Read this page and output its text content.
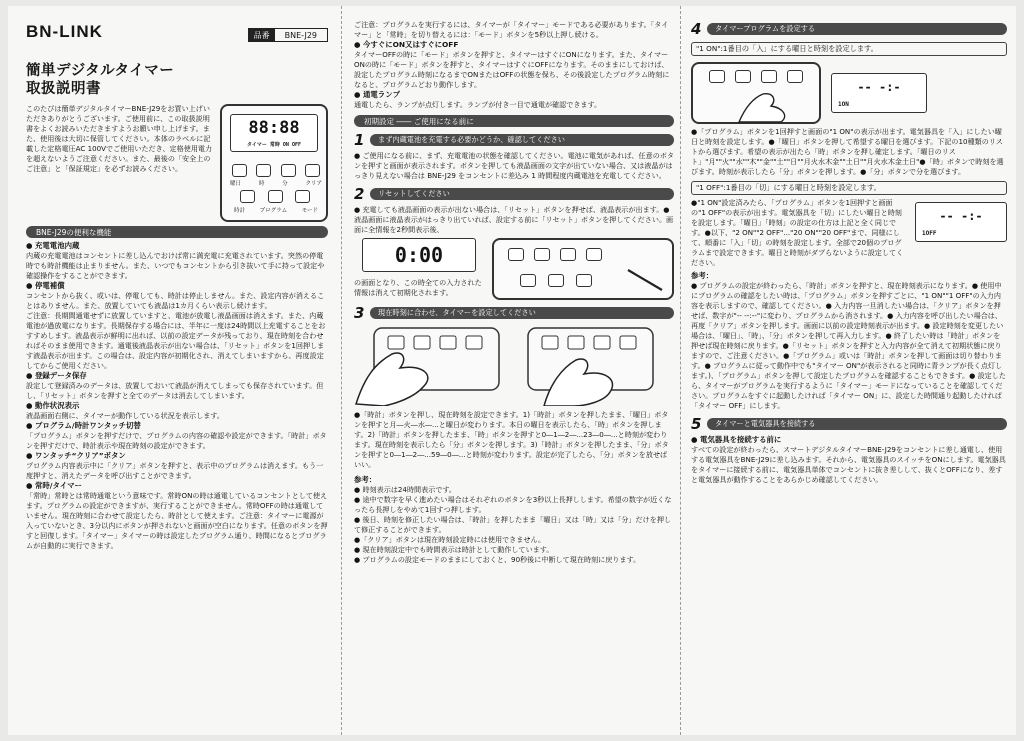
BN-LINK	品番	BNE-J29
簡単デジタルタイマー
取扱説明書

このたびは簡単デジタルタイマーBNE-J29をお買い上げいただきありがとうございます。ご使用前に、この取扱説明書をよくお読みいただきますようお願い申し上げます。また、使用後は大切に保管してください。本体のラベルに記載した定格電圧AC 100Vでご使用いただき、定格使用電力を超えないようご注意ください。また、最後の「安全上のご注意」と「保証規定」を必ずお読みください。

88:88
タイマー 常時 ON OFF
曜日	時	分	クリア
時計	プログラム	モード
BNE-J29の便利な機能
● 充電電池内蔵

内蔵の充電電池はコンセントに差し込んでおけば常に満充電に充電されています。突然の停電時でも時計機能は止まりません。また、いつでもコンセントから引き抜いて手に持って設定や確認操作をすることができます。

● 停電補償

コンセントから抜く、或いは、停電しても、時計は停止しません。また、設定内容が消えることはありません。また、放置していても液晶は1カ月くらい表示し続けます。

ご注意：長期間通電せずに放置していますと、電池が放電し液晶画面は消えます。また、内蔵電池が過放電になります。長期保存する場合には、半年に一度は24時間以上充電することをおすすめします。液晶表示が鮮明に出れば、以前の設定データが残っており、現在時刻を合わせればそのまま使用できます。通電後液晶表示が出ない場合は、「リセット」ボタンを1回押します液晶表示が出ます。この場合は、設定内容が初期化され、消えてしまいますから、再度設定してからご使用ください。

● 登録データ保存

設定して登録済みのデータは、放置しておいて液晶が消えてしまっても保存されています。但し、「リセット」ボタンを押すと全てのデータは消去してしまいます。

● 動作状況表示

液晶画面右側に、タイマーが動作している状況を表示します。

● プログラム/時計ワンタッチ切替

「プログラム」ボタンを押すだけで、プログラムの内容の確認や設定ができます。「時計」ボタンを押すだけで、時計表示や現在時刻の設定ができます。

● ワンタッチ“クリア”ボタン

プログラム内容表示中に「クリア」ボタンを押すと、表示中のプログラムは消えます。もう一度押すと、消えたデータを呼び出すことができます。

● 常時/タイマー

「常時」常時とは常時通電という意味です。常時ONの時は通電しているコンセントとして使えます。プログラムの設定ができますが、実行することができません。常時OFFの時は通電していません。現在時刻に合わせて設定したら、時計として使えます。ご注意：タイマーに電源が入っていないとき、3分以内にボタンが押されないと画面が空白になります。任意のボタンを押すと回復します。「タイマー」タイマーの時は設定したプログラム通り、時間になるとプログラムが自動的に実行できます。

ご注意：プログラムを実行するには、タイマーが「タイマー」モードである必要があります。「タイマー」と「常時」を切り替えるには：「モード」ボタンを5秒以上押し続ける。

● 今すぐにON又はすぐにOFF

タイマーOFFの時に「モード」ボタンを押すと、タイマーはすぐにONになります。また、タイマーONの時に「モード」ボタンを押すと、タイマーはすぐにOFFになります。そのままにしておけば、設定したプログラム時刻になるまでONまたはOFFの状態を保ち、その後設定したプログラム時刻になると、プログラムどおり動作します。

● 通電ランプ

通電したら、ランプが点灯します。ランプが付き一目で通電が確認できます。

初期設定 ―― ご使用になる前に
1	まず内蔵電池を充電する必要かどうか、確認してください

● ご使用になる前に、まず、充電電池の状態を確認してください。電池に電気があれば、任意のボタンを押すと画面が表示されます。ボタンを押しても液晶画面の文字が出ていない場合、又は液晶がはっきり見えない場合は BNE-J29 をコンセントに差込み 1 時間程度内蔵電池を充電してください。

2	リセットしてください

● 充電しても液晶画面の表示が出ない場合は、「リセット」ボタンを押せば、液晶表示が出ます。● 液晶画面に液晶表示がはっきり出ていれば、設定する前に「リセット」ボタンを押してください。画面に全情報を2秒間表示後、

0:00

の画面となり、この時全ての入力された情報は消えて初期化されます。

3	現在時刻に合わせ、タイマーを設定してください

●「時計」ボタンを押し、現在時刻を設定できます。1)「時計」ボタンを押したまま、「曜日」ボタンを押すと月―火―水―...と曜日が変わります。本日の曜日を表示したら、「時」ボタンを押します。2)「時計」ボタンを押したまま、「時」ボタンを押すと0―1―2―...23―0―...と時刻が変わります。現在時刻を表示したら「分」ボタンを押します。3)「時計」ボタンを押したまま、「分」ボタンを押すと0―1―2―...59―0―...と時刻が変わります。設定が完了したら、「分」ボタンを放せばいい。

参考：
● 時刻表示は24時間表示です。
● 途中で数字を早く進めたい場合はそれぞれのボタンを3秒以上長押しします。希望の数字が近くなったら長押しをやめて1回すつ押します。
● 後日、時刻を修正したい場合は、「時計」を押したまま「曜日」又は「時」又は「分」だけを押して修正することができます。
●「クリア」ボタンは現在時刻設定時には使用できません。
● 現在時刻設定中でも時間表示は時計として動作しています。
● プログラムの設定モードのままにしておくと、90秒後に中断して現在時刻に戻ります。
4	タイマープログラムを設定する
"1 ON":1番目の「入」にする曜日と時刻を設定します。
-- -:-
1ON

●「プログラム」ボタンを1回押すと画面の"1 ON"の表示が出ます。電気器具を「入」にしたい曜日と時刻を設定します。●「曜日」ボタンを押して希望する曜日を選びます。下記の10種類のリストから選びます。希望の表示が出たら「時」ボタンを押し確定します。「曜日のリスト」"月""火""水""木""金""土""日""月火水木金""土日""月火水木金土日"●「時」ボタンで時刻を選びます。時刻が表示したら「分」ボタンを押します。●「分」ボタンで分を選びます。

"1 OFF":1番目の「切」にする曜日と時刻を設定します。

●"1 ON"設定済みたら、「プログラム」ボタンを1回押すと画面の"1 OFF"の表示が出ます。電気器具を「切」にしたい曜日と時刻を設定します。「曜日」「時刻」の設定の仕方は上記と全く同じです。●以下、"2 ON""2 OFF"..."20 ON""20 OFF"まで、同様にして、順番に「入」「切」の時刻を設定します。全部で20個のプログラムまで設定できます。曜日と時刻がダブらないように設定してください。

-- -:-
1OFF
参考：

● プログラムの設定が終わったら、「時計」ボタンを押すと、現在時刻表示になります。● 使用中にプログラムの確認をしたい時は、「プログラム」ボタンを押すごとに、"1 ON""1 OFF"の入力内容を表示しますので、確認してください。● 入力内容一旦消したい場合は、「クリア」ボタンを押せば、数字が"-- --:--"に変わり、プログラムから消されます。● 入力内容を呼び出したい場合は、再度「クリア」ボタンを押します。画面に以前の設定時刻表示が出ます。● 設定時刻を変更したい場合は、「曜日」、「時」、「分」ボタンを押して再入力します。● 終了したい時は「時計」ボタンを押せば現在時刻に戻ります。●「リセット」ボタンを押すと入力内容が全て消えて初期状態に戻りますので、ご注意ください。●「プログラム」或いは「時計」ボタンを押して画面は切り替わります。● プログラムに従って動作中でも"タイマー ON"が表示されると同時に青ランプが長く点灯します。)、「プログラム」ボタンを押して設定したプログラムを確認することもできます。● 設定したら、タイマーがプログラムを実行するように「タイマー」モードになっていることを確認してください。プログラムをすぐに起動したければ「タイマー ON」に、設定した時間通り起動したければ「タイマー OFF」にします。

5	タイマーと電気器具を接続する
● 電気器具を接続する前に

すべての設定が終わったら、スマートデジタルタイマーBNE-J29をコンセントに差し通電し、使用する電気器具をBNE-J29に差し込みます。それから、電気器具のスイッチをONにします。電気器具をタイマーに接続する前に、電気器具単体でコンセントに抜き差しして、抜くとOFFになり、差すと電気器具が動作することをあらかじめ確認してください。
